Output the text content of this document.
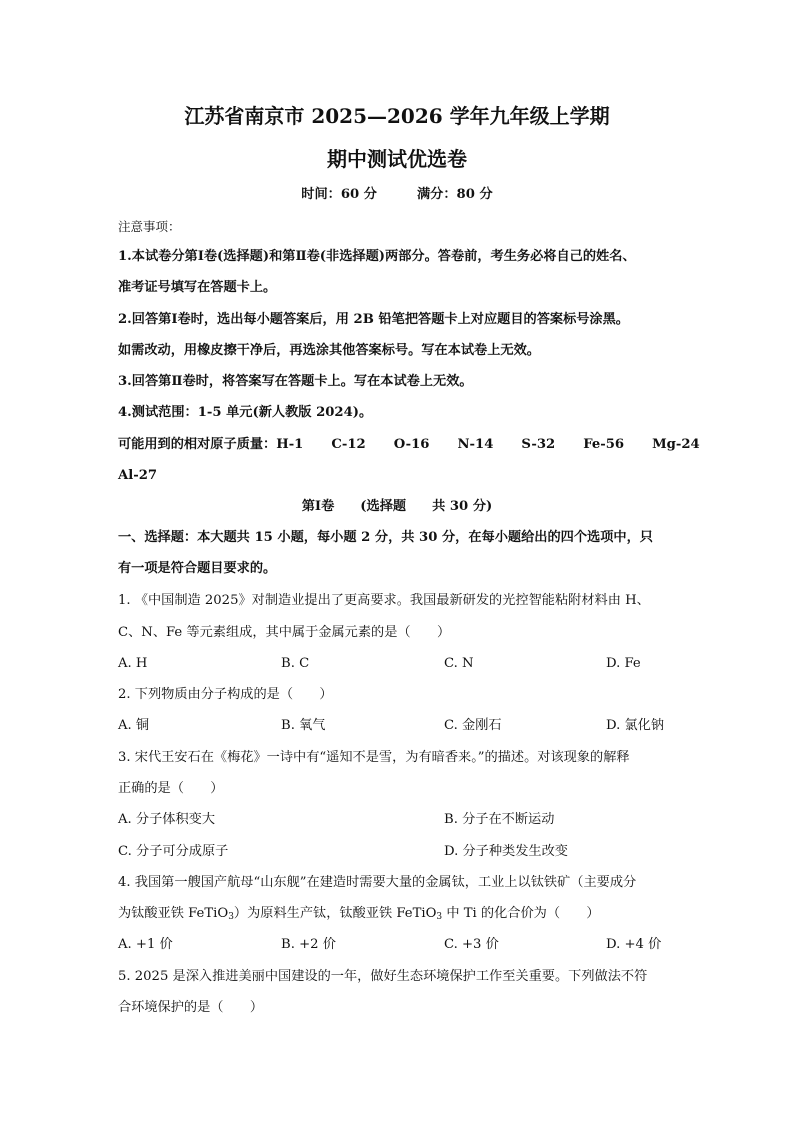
江苏省南京市 2025—2026 学年九年级上学期
期中测试优选卷
时间：60 分	满分：80 分
注意事项：
1.本试卷分第Ⅰ卷(选择题)和第Ⅱ卷(非选择题)两部分。答卷前，考生务必将自己的姓名、
准考证号填写在答题卡上。
2.回答第Ⅰ卷时，选出每小题答案后，用 2B 铅笔把答题卡上对应题目的答案标号涂黑。
如需改动，用橡皮擦干净后，再选涂其他答案标号。写在本试卷上无效。
3.回答第Ⅱ卷时，将答案写在答题卡上。写在本试卷上无效。
4.测试范围：1-5 单元(新人教版 2024)。
可能用到的相对原子质量：H-1 C-12 O-16 N-14 S-32 Fe-56 Mg-24
Al-27
第Ⅰ卷 (选择题 共 30 分)
一、选择题：本大题共 15 小题，每小题 2 分，共 30 分，在每小题给出的四个选项中，只
有一项是符合题目要求的。
1. 《中国制造 2025》对制造业提出了更高要求。我国最新研发的光控智能粘附材料由 H、
C、N、Fe 等元素组成，其中属于金属元素的是（　　）
A. H	B. C	C. N	D. Fe
2. 下列物质由分子构成的是（　　）
A. 铜	B. 氧气	C. 金刚石	D. 氯化钠
3. 宋代王安石在《梅花》一诗中有“遥知不是雪，为有暗香来。”的描述。对该现象的解释
正确的是（　　）
A. 分子体积变大	B. 分子在不断运动
C. 分子可分成原子	D. 分子种类发生改变
4. 我国第一艘国产航母“山东舰”在建造时需要大量的金属钛，工业上以钛铁矿（主要成分
为钛酸亚铁 FeTiO$_3$）为原料生产钛，钛酸亚铁 FeTiO$_3$ 中 Ti 的化合价为（　　）
A. +1 价	B. +2 价	C. +3 价	D. +4 价
5. 2025 是深入推进美丽中国建设的一年，做好生态环境保护工作至关重要。下列做法不符
合环境保护的是（　　）
